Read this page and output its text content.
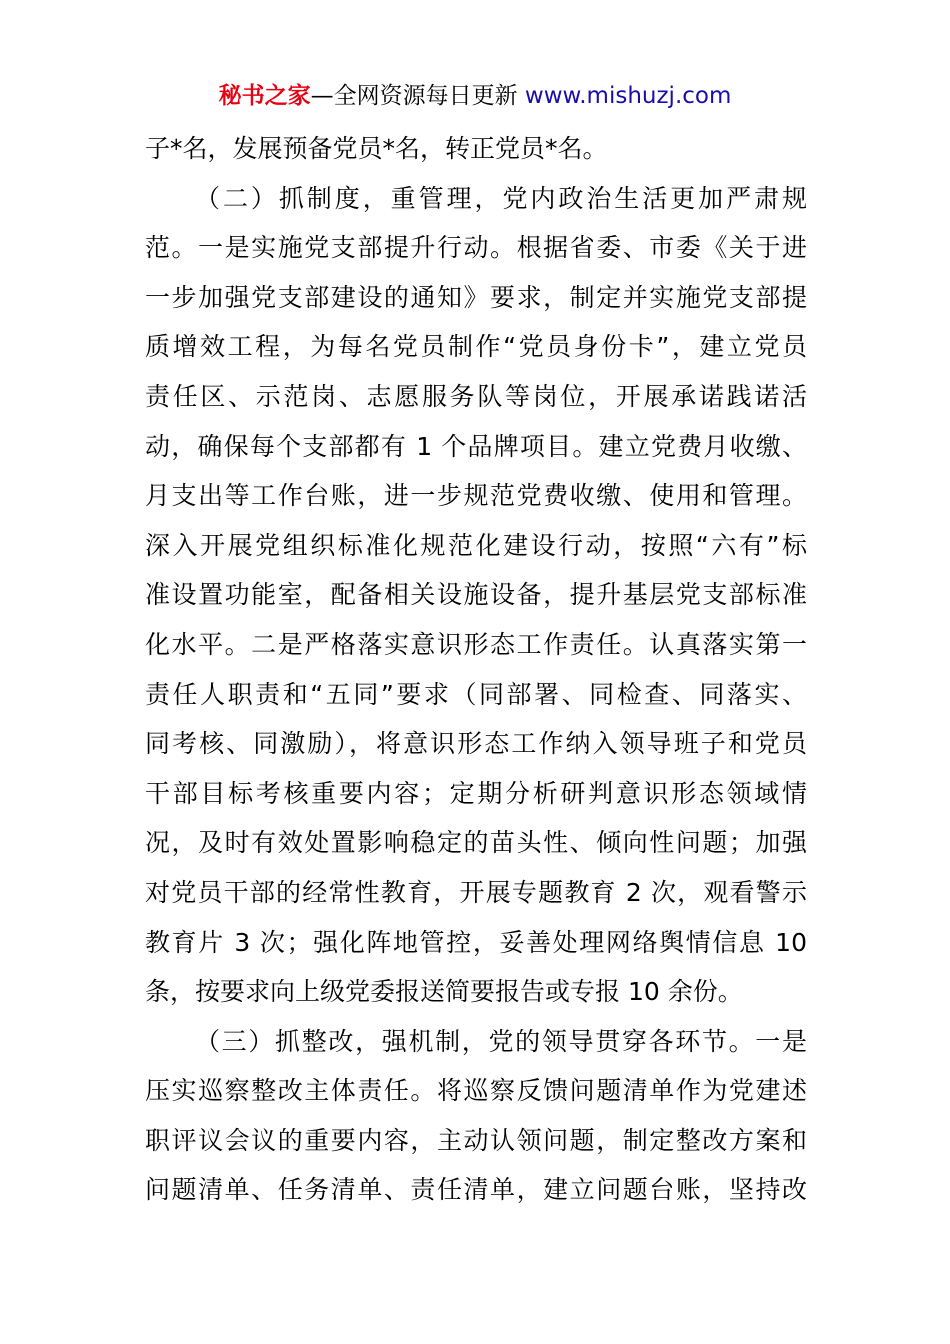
秘书之家—全网资源每日更新 www.mishuzj.com
子*名，发展预备党员*名，转正党员*名。
（二）抓制度，重管理，党内政治生活更加严肃规
范。一是实施党支部提升行动。根据省委、市委《关于进
一步加强党支部建设的通知》要求，制定并实施党支部提
质增效工程，为每名党员制作“党员身份卡”，建立党员
责任区、示范岗、志愿服务队等岗位，开展承诺践诺活
动，确保每个支部都有 1 个品牌项目。建立党费月收缴、
月支出等工作台账，进一步规范党费收缴、使用和管理。
深入开展党组织标准化规范化建设行动，按照“六有”标
准设置功能室，配备相关设施设备，提升基层党支部标准
化水平。二是严格落实意识形态工作责任。认真落实第一
责任人职责和“五同”要求（同部署、同检查、同落实、
同考核、同激励），将意识形态工作纳入领导班子和党员
干部目标考核重要内容；定期分析研判意识形态领域情
况，及时有效处置影响稳定的苗头性、倾向性问题；加强
对党员干部的经常性教育，开展专题教育 2 次，观看警示
教育片 3 次；强化阵地管控，妥善处理网络舆情信息 10
条，按要求向上级党委报送简要报告或专报 10 余份。
（三）抓整改，强机制，党的领导贯穿各环节。一是
压实巡察整改主体责任。将巡察反馈问题清单作为党建述
职评议会议的重要内容，主动认领问题，制定整改方案和
问题清单、任务清单、责任清单，建立问题台账，坚持改
